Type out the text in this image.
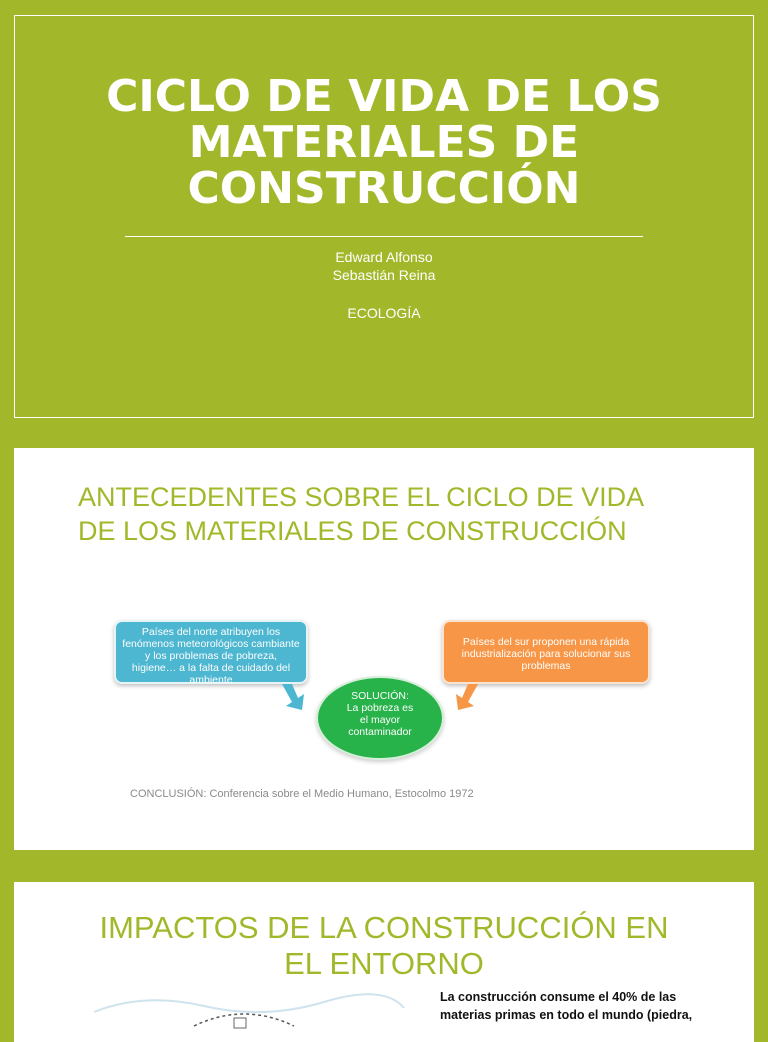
CICLO DE VIDA DE LOS
MATERIALES DE
CONSTRUCCIÓN
Edward Alfonso
Sebastián Reina
ECOLOGÍA
ANTECEDENTES SOBRE EL CICLO DE VIDA
DE LOS MATERIALES DE CONSTRUCCIÓN
Países del norte atribuyen los fenómenos meteorológicos cambiante y los problemas de pobreza, higiene… a la falta de cuidado del ambiente
Países del sur proponen una rápida industrialización para solucionar sus problemas
SOLUCIÓN:
La pobreza es
el mayor
contaminador
CONCLUSIÓN: Conferencia sobre el Medio Humano, Estocolmo 1972
IMPACTOS DE LA CONSTRUCCIÓN EN
EL ENTORNO
La construcción consume el 40% de las
materias primas en todo el mundo (piedra,
